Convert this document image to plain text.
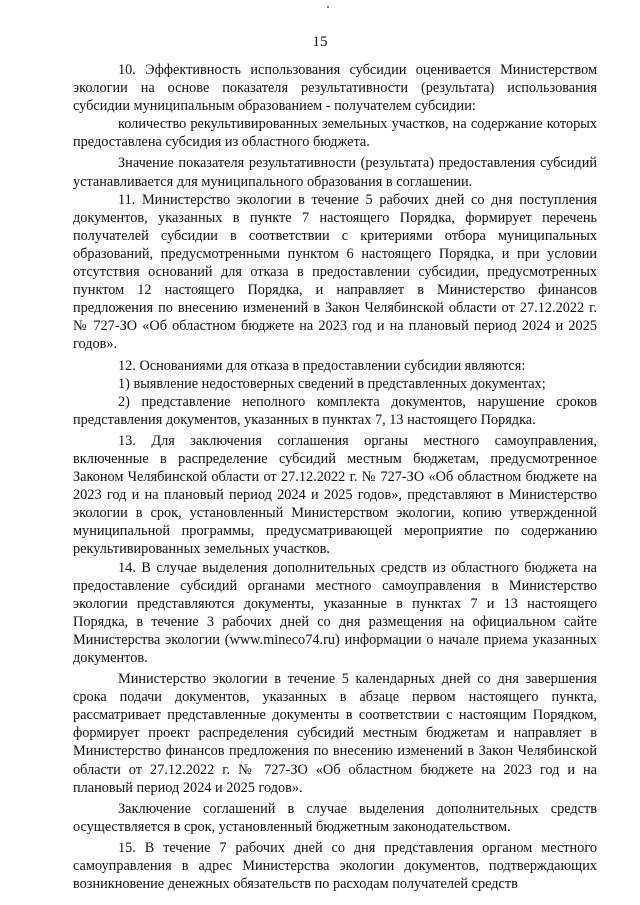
15

10. Эффективность использования субсидии оценивается Министерством экологии на основе показателя результативности (результата) использования субсидии муниципальным образованием - получателем субсидии:

количество рекультивированных земельных участков, на содержание которых предоставлена субсидия из областного бюджета.

Значение показателя результативности (результата) предоставления субсидий устанавливается для муниципального образования в соглашении.

11. Министерство экологии в течение 5 рабочих дней со дня поступления документов, указанных в пункте 7 настоящего Порядка, формирует перечень получателей субсидии в соответствии с критериями отбора муниципальных образований, предусмотренными пунктом 6 настоящего Порядка, и при условии отсутствия оснований для отказа в предоставлении субсидии, предусмотренных пунктом 12 настоящего Порядка, и направляет в Министерство финансов предложения по внесению изменений в Закон Челябинской области от 27.12.2022 г. № 727-ЗО «Об областном бюджете на 2023 год и на плановый период 2024 и 2025 годов».

12. Основаниями для отказа в предоставлении субсидии являются:

1) выявление недостоверных сведений в представленных документах;

2) представление неполного комплекта документов, нарушение сроков представления документов, указанных в пунктах 7, 13 настоящего Порядка.

13. Для заключения соглашения органы местного самоуправления, включенные в распределение субсидий местным бюджетам, предусмотренное Законом Челябинской области от 27.12.2022 г. № 727-ЗО «Об областном бюджете на 2023 год и на плановый период 2024 и 2025 годов», представляют в Министерство экологии в срок, установленный Министерством экологии, копию утвержденной муниципальной программы, предусматривающей мероприятие по содержанию рекультивированных земельных участков.

14. В случае выделения дополнительных средств из областного бюджета на предоставление субсидий органами местного самоуправления в Министерство экологии представляются документы, указанные в пунктах 7 и 13 настоящего Порядка, в течение 3 рабочих дней со дня размещения на официальном сайте Министерства экологии (www.mineco74.ru) информации о начале приема указанных документов.

Министерство экологии в течение 5 календарных дней со дня завершения срока подачи документов, указанных в абзаце первом настоящего пункта, рассматривает представленные документы в соответствии с настоящим Порядком, формирует проект распределения субсидий местным бюджетам и направляет в Министерство финансов предложения по внесению изменений в Закон Челябинской области от 27.12.2022 г. № 727-ЗО «Об областном бюджете на 2023 год и на плановый период 2024 и 2025 годов».

Заключение соглашений в случае выделения дополнительных средств осуществляется в срок, установленный бюджетным законодательством.

15. В течение 7 рабочих дней со дня представления органом местного самоуправления в адрес Министерства экологии документов, подтверждающих возникновение денежных обязательств по расходам получателей средств
